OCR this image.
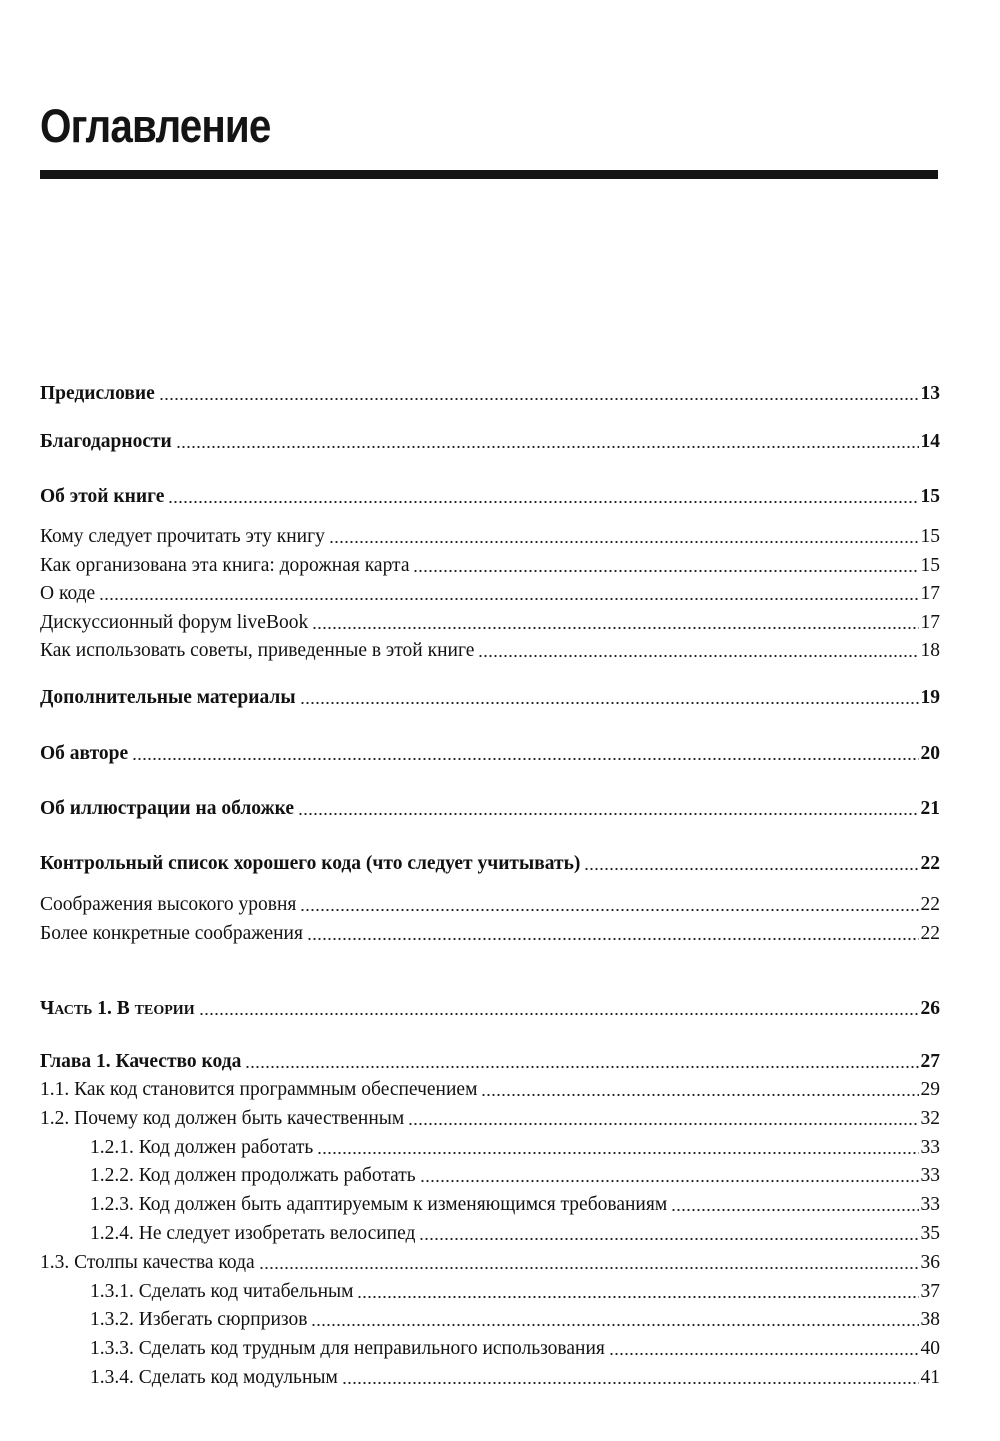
Оглавление
Предисловие	13
Благодарности	14
Об этой книге	15
Кому следует прочитать эту книгу	15
Как организована эта книга: дорожная карта	15
О коде	17
Дискуссионный форум liveBook	17
Как использовать советы, приведенные в этой книге	18
Дополнительные материалы	19
Об авторе	20
Об иллюстрации на обложке	21
Контрольный список хорошего кода (что следует учитывать)	22
Соображения высокого уровня	22
Более конкретные соображения	22
Часть 1. В теории	26
Глава 1. Качество кода	27
1.1. Как код становится программным обеспечением	29
1.2. Почему код должен быть качественным	32
1.2.1. Код должен работать	33
1.2.2. Код должен продолжать работать	33
1.2.3. Код должен быть адаптируемым к изменяющимся требованиям	33
1.2.4. Не следует изобретать велосипед	35
1.3. Столпы качества кода	36
1.3.1. Сделать код читабельным	37
1.3.2. Избегать сюрпризов	38
1.3.3. Сделать код трудным для неправильного использования	40
1.3.4. Сделать код модульным	41
